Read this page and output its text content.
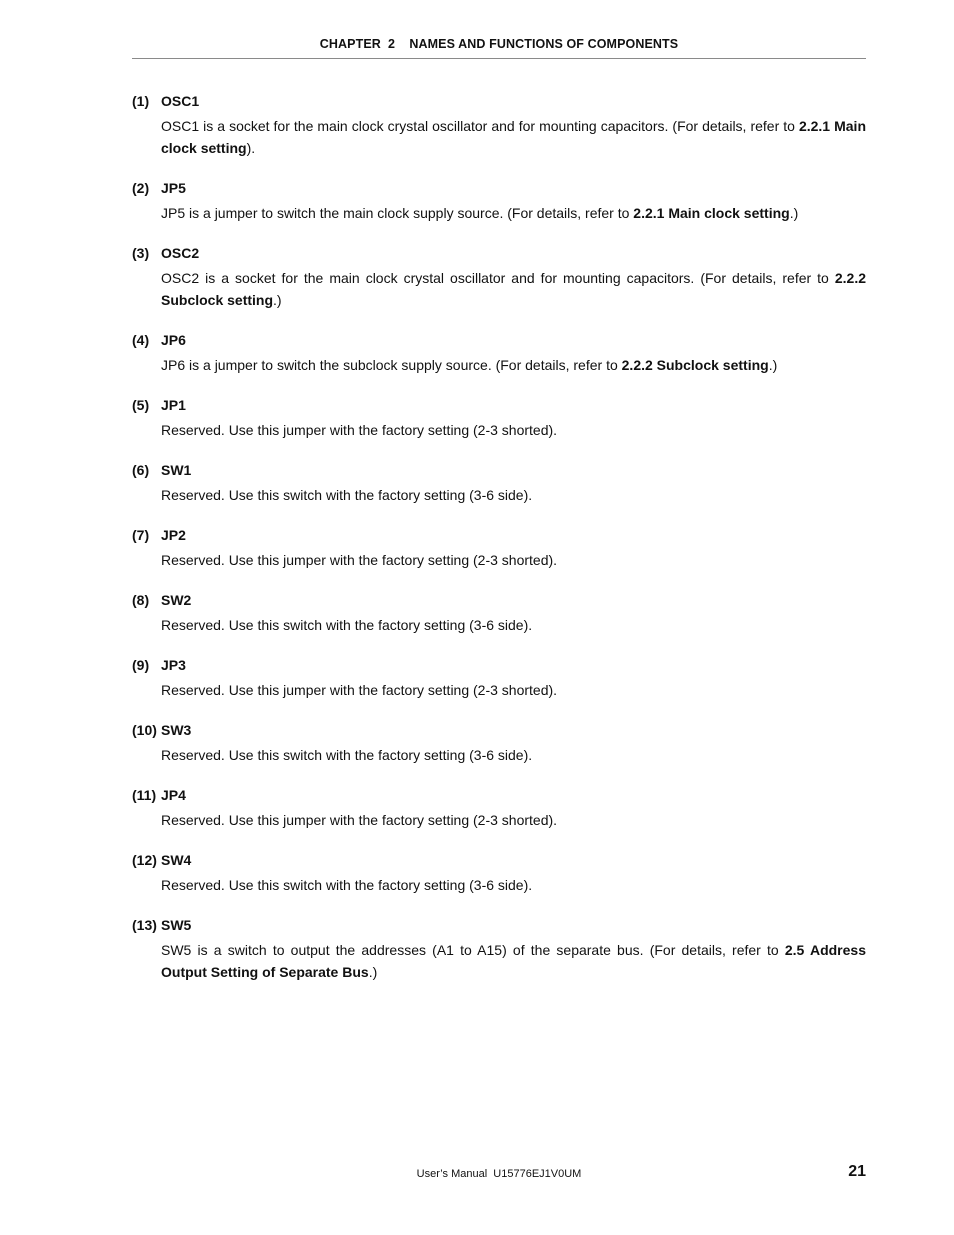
CHAPTER  2    NAMES AND FUNCTIONS OF COMPONENTS
(1) OSC1
OSC1 is a socket for the main clock crystal oscillator and for mounting capacitors. (For details, refer to 2.2.1 Main clock setting).
(2) JP5
JP5 is a jumper to switch the main clock supply source. (For details, refer to 2.2.1 Main clock setting.)
(3) OSC2
OSC2 is a socket for the main clock crystal oscillator and for mounting capacitors. (For details, refer to 2.2.2 Subclock setting.)
(4) JP6
JP6 is a jumper to switch the subclock supply source. (For details, refer to 2.2.2 Subclock setting.)
(5) JP1
Reserved. Use this jumper with the factory setting (2-3 shorted).
(6) SW1
Reserved. Use this switch with the factory setting (3-6 side).
(7) JP2
Reserved. Use this jumper with the factory setting (2-3 shorted).
(8) SW2
Reserved. Use this switch with the factory setting (3-6 side).
(9) JP3
Reserved. Use this jumper with the factory setting (2-3 shorted).
(10) SW3
Reserved. Use this switch with the factory setting (3-6 side).
(11) JP4
Reserved. Use this jumper with the factory setting (2-3 shorted).
(12) SW4
Reserved. Use this switch with the factory setting (3-6 side).
(13) SW5
SW5 is a switch to output the addresses (A1 to A15) of the separate bus. (For details, refer to 2.5 Address Output Setting of Separate Bus.)
User’s Manual  U15776EJ1V0UM	21
